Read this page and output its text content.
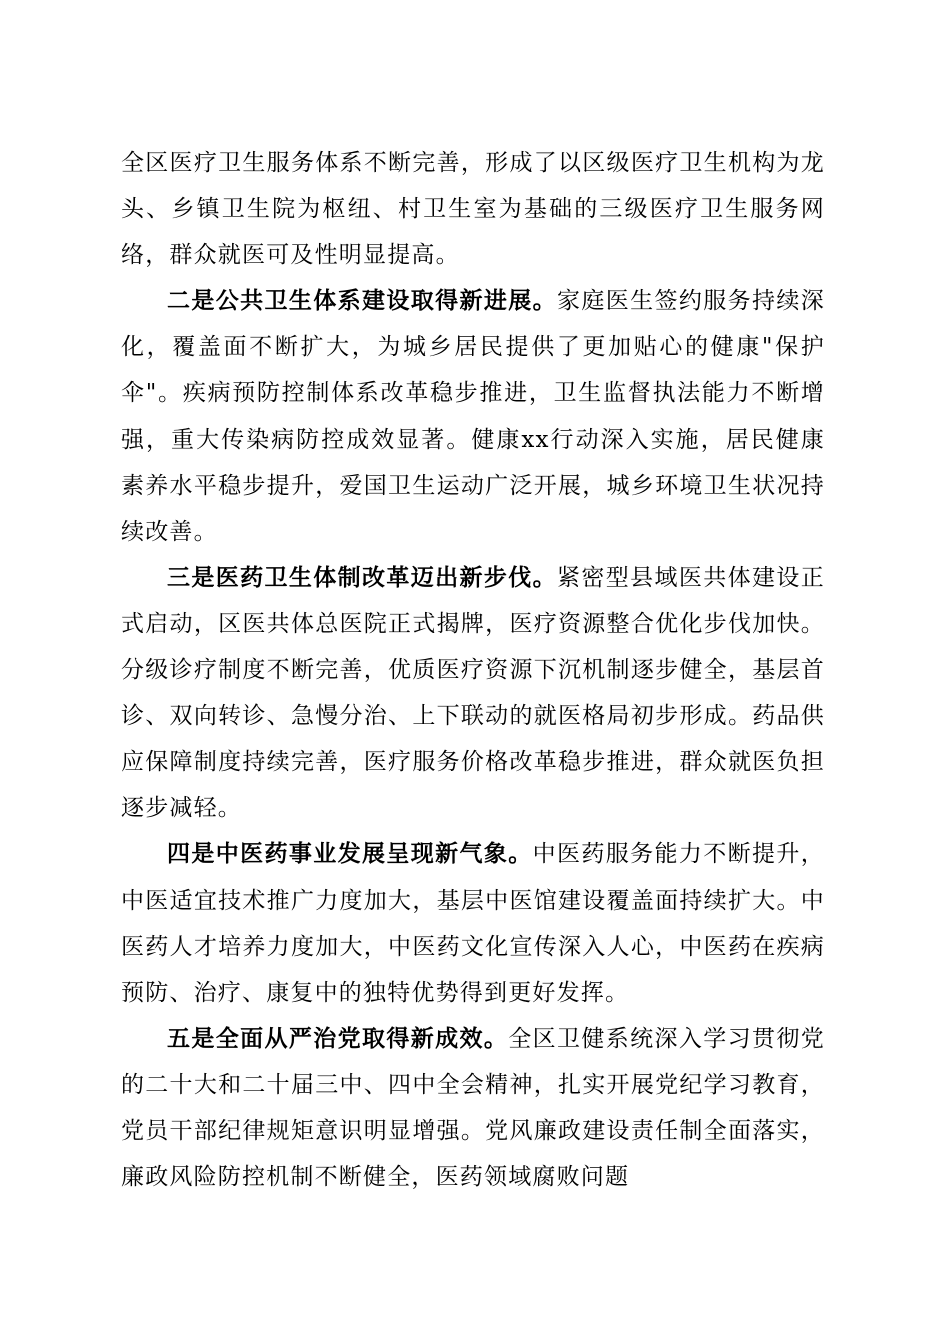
全区医疗卫生服务体系不断完善，形成了以区级医疗卫生机构为龙头、乡镇卫生院为枢纽、村卫生室为基础的三级医疗卫生服务网络，群众就医可及性明显提高。

二是公共卫生体系建设取得新进展。家庭医生签约服务持续深化，覆盖面不断扩大，为城乡居民提供了更加贴心的健康"保护伞"。疾病预防控制体系改革稳步推进，卫生监督执法能力不断增强，重大传染病防控成效显著。健康xx行动深入实施，居民健康素养水平稳步提升，爱国卫生运动广泛开展，城乡环境卫生状况持续改善。

三是医药卫生体制改革迈出新步伐。紧密型县域医共体建设正式启动，区医共体总医院正式揭牌，医疗资源整合优化步伐加快。分级诊疗制度不断完善，优质医疗资源下沉机制逐步健全，基层首诊、双向转诊、急慢分治、上下联动的就医格局初步形成。药品供应保障制度持续完善，医疗服务价格改革稳步推进，群众就医负担逐步减轻。

四是中医药事业发展呈现新气象。中医药服务能力不断提升，中医适宜技术推广力度加大，基层中医馆建设覆盖面持续扩大。中医药人才培养力度加大，中医药文化宣传深入人心，中医药在疾病预防、治疗、康复中的独特优势得到更好发挥。

五是全面从严治党取得新成效。全区卫健系统深入学习贯彻党的二十大和二十届三中、四中全会精神，扎实开展党纪学习教育，党员干部纪律规矩意识明显增强。党风廉政建设责任制全面落实，廉政风险防控机制不断健全，医药领域腐败问题
